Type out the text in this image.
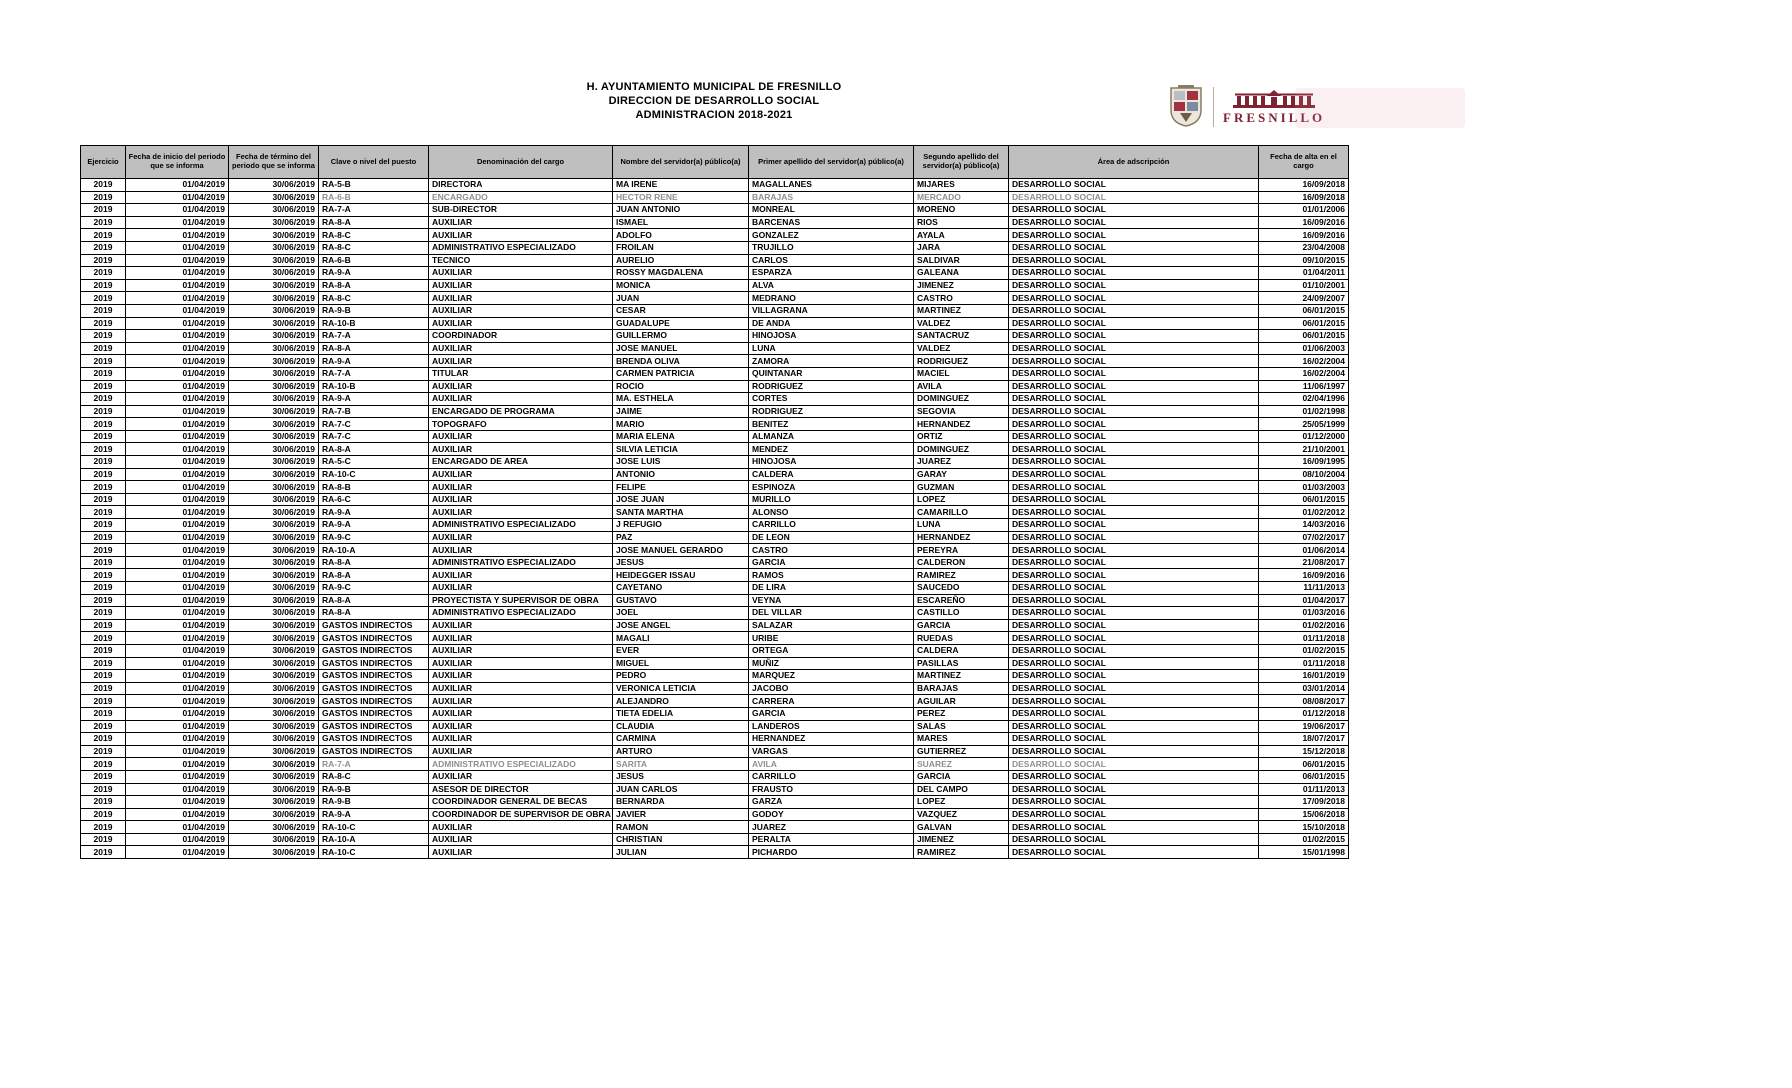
H. AYUNTAMIENTO MUNICIPAL DE FRESNILLO
DIRECCION DE DESARROLLO SOCIAL
ADMINISTRACION 2018-2021	FRESNILLO
Ejercicio	Fecha de inicio del periodo que se informa	Fecha de término del periodo que se informa	Clave o nivel del puesto	Denominación del cargo	Nombre del servidor(a) público(a)	Primer apellido del servidor(a) público(a)	Segundo apellido del servidor(a) público(a)	Área de adscripción	Fecha de alta en el cargo
2019	01/04/2019	30/06/2019	RA-5-B	DIRECTORA	MA IRENE	MAGALLANES	MIJARES	DESARROLLO SOCIAL	16/09/2018
2019	01/04/2019	30/06/2019	RA-6-B	ENCARGADO	HECTOR RENE	BARAJAS	MERCADO	DESARROLLO SOCIAL	16/09/2018
2019	01/04/2019	30/06/2019	RA-7-A	SUB-DIRECTOR	JUAN ANTONIO	MONREAL	MORENO	DESARROLLO SOCIAL	01/01/2006
2019	01/04/2019	30/06/2019	RA-8-A	AUXILIAR	ISMAEL	BARCENAS	RIOS	DESARROLLO SOCIAL	16/09/2016
2019	01/04/2019	30/06/2019	RA-8-C	AUXILIAR	ADOLFO	GONZALEZ	AYALA	DESARROLLO SOCIAL	16/09/2016
2019	01/04/2019	30/06/2019	RA-8-C	ADMINISTRATIVO ESPECIALIZADO	FROILAN	TRUJILLO	JARA	DESARROLLO SOCIAL	23/04/2008
2019	01/04/2019	30/06/2019	RA-6-B	TECNICO	AURELIO	CARLOS	SALDIVAR	DESARROLLO SOCIAL	09/10/2015
2019	01/04/2019	30/06/2019	RA-9-A	AUXILIAR	ROSSY MAGDALENA	ESPARZA	GALEANA	DESARROLLO SOCIAL	01/04/2011
2019	01/04/2019	30/06/2019	RA-8-A	AUXILIAR	MONICA	ALVA	JIMENEZ	DESARROLLO SOCIAL	01/10/2001
2019	01/04/2019	30/06/2019	RA-8-C	AUXILIAR	JUAN	MEDRANO	CASTRO	DESARROLLO SOCIAL	24/09/2007
2019	01/04/2019	30/06/2019	RA-9-B	AUXILIAR	CESAR	VILLAGRANA	MARTINEZ	DESARROLLO SOCIAL	06/01/2015
2019	01/04/2019	30/06/2019	RA-10-B	AUXILIAR	GUADALUPE	DE ANDA	VALDEZ	DESARROLLO SOCIAL	06/01/2015
2019	01/04/2019	30/06/2019	RA-7-A	COORDINADOR	GUILLERMO	HINOJOSA	SANTACRUZ	DESARROLLO SOCIAL	06/01/2015
2019	01/04/2019	30/06/2019	RA-8-A	AUXILIAR	JOSE MANUEL	LUNA	VALDEZ	DESARROLLO SOCIAL	01/06/2003
2019	01/04/2019	30/06/2019	RA-9-A	AUXILIAR	BRENDA OLIVA	ZAMORA	RODRIGUEZ	DESARROLLO SOCIAL	16/02/2004
2019	01/04/2019	30/06/2019	RA-7-A	TITULAR	CARMEN PATRICIA	QUINTANAR	MACIEL	DESARROLLO SOCIAL	16/02/2004
2019	01/04/2019	30/06/2019	RA-10-B	AUXILIAR	ROCIO	RODRIGUEZ	AVILA	DESARROLLO SOCIAL	11/06/1997
2019	01/04/2019	30/06/2019	RA-9-A	AUXILIAR	MA. ESTHELA	CORTES	DOMINGUEZ	DESARROLLO SOCIAL	02/04/1996
2019	01/04/2019	30/06/2019	RA-7-B	ENCARGADO DE PROGRAMA	JAIME	RODRIGUEZ	SEGOVIA	DESARROLLO SOCIAL	01/02/1998
2019	01/04/2019	30/06/2019	RA-7-C	TOPOGRAFO	MARIO	BENITEZ	HERNANDEZ	DESARROLLO SOCIAL	25/05/1999
2019	01/04/2019	30/06/2019	RA-7-C	AUXILIAR	MARIA ELENA	ALMANZA	ORTIZ	DESARROLLO SOCIAL	01/12/2000
2019	01/04/2019	30/06/2019	RA-8-A	AUXILIAR	SILVIA LETICIA	MENDEZ	DOMINGUEZ	DESARROLLO SOCIAL	21/10/2001
2019	01/04/2019	30/06/2019	RA-5-C	ENCARGADO DE AREA	JOSE LUIS	HINOJOSA	JUAREZ	DESARROLLO SOCIAL	16/09/1995
2019	01/04/2019	30/06/2019	RA-10-C	AUXILIAR	ANTONIO	CALDERA	GARAY	DESARROLLO SOCIAL	08/10/2004
2019	01/04/2019	30/06/2019	RA-8-B	AUXILIAR	FELIPE	ESPINOZA	GUZMAN	DESARROLLO SOCIAL	01/03/2003
2019	01/04/2019	30/06/2019	RA-6-C	AUXILIAR	JOSE JUAN	MURILLO	LOPEZ	DESARROLLO SOCIAL	06/01/2015
2019	01/04/2019	30/06/2019	RA-9-A	AUXILIAR	SANTA MARTHA	ALONSO	CAMARILLO	DESARROLLO SOCIAL	01/02/2012
2019	01/04/2019	30/06/2019	RA-9-A	ADMINISTRATIVO ESPECIALIZADO	J REFUGIO	CARRILLO	LUNA	DESARROLLO SOCIAL	14/03/2016
2019	01/04/2019	30/06/2019	RA-9-C	AUXILIAR	PAZ	DE LEON	HERNANDEZ	DESARROLLO SOCIAL	07/02/2017
2019	01/04/2019	30/06/2019	RA-10-A	AUXILIAR	JOSE MANUEL GERARDO	CASTRO	PEREYRA	DESARROLLO SOCIAL	01/06/2014
2019	01/04/2019	30/06/2019	RA-8-A	ADMINISTRATIVO ESPECIALIZADO	JESUS	GARCIA	CALDERON	DESARROLLO SOCIAL	21/08/2017
2019	01/04/2019	30/06/2019	RA-8-A	AUXILIAR	HEIDEGGER ISSAU	RAMOS	RAMIREZ	DESARROLLO SOCIAL	16/09/2016
2019	01/04/2019	30/06/2019	RA-9-C	AUXILIAR	CAYETANO	DE LIRA	SAUCEDO	DESARROLLO SOCIAL	11/11/2013
2019	01/04/2019	30/06/2019	RA-8-A	PROYECTISTA Y SUPERVISOR DE OBRA	GUSTAVO	VEYNA	ESCAREÑO	DESARROLLO SOCIAL	01/04/2017
2019	01/04/2019	30/06/2019	RA-8-A	ADMINISTRATIVO ESPECIALIZADO	JOEL	DEL VILLAR	CASTILLO	DESARROLLO SOCIAL	01/03/2016
2019	01/04/2019	30/06/2019	GASTOS INDIRECTOS	AUXILIAR	JOSE ANGEL	SALAZAR	GARCIA	DESARROLLO SOCIAL	01/02/2016
2019	01/04/2019	30/06/2019	GASTOS INDIRECTOS	AUXILIAR	MAGALI	URIBE	RUEDAS	DESARROLLO SOCIAL	01/11/2018
2019	01/04/2019	30/06/2019	GASTOS INDIRECTOS	AUXILIAR	EVER	ORTEGA	CALDERA	DESARROLLO SOCIAL	01/02/2015
2019	01/04/2019	30/06/2019	GASTOS INDIRECTOS	AUXILIAR	MIGUEL	MUÑIZ	PASILLAS	DESARROLLO SOCIAL	01/11/2018
2019	01/04/2019	30/06/2019	GASTOS INDIRECTOS	AUXILIAR	PEDRO	MARQUEZ	MARTINEZ	DESARROLLO SOCIAL	16/01/2019
2019	01/04/2019	30/06/2019	GASTOS INDIRECTOS	AUXILIAR	VERONICA LETICIA	JACOBO	BARAJAS	DESARROLLO SOCIAL	03/01/2014
2019	01/04/2019	30/06/2019	GASTOS INDIRECTOS	AUXILIAR	ALEJANDRO	CARRERA	AGUILAR	DESARROLLO SOCIAL	08/08/2017
2019	01/04/2019	30/06/2019	GASTOS INDIRECTOS	AUXILIAR	TIETA EDELIA	GARCIA	PEREZ	DESARROLLO SOCIAL	01/12/2018
2019	01/04/2019	30/06/2019	GASTOS INDIRECTOS	AUXILIAR	CLAUDIA	LANDEROS	SALAS	DESARROLLO SOCIAL	19/06/2017
2019	01/04/2019	30/06/2019	GASTOS INDIRECTOS	AUXILIAR	CARMINA	HERNANDEZ	MARES	DESARROLLO SOCIAL	18/07/2017
2019	01/04/2019	30/06/2019	GASTOS INDIRECTOS	AUXILIAR	ARTURO	VARGAS	GUTIERREZ	DESARROLLO SOCIAL	15/12/2018
2019	01/04/2019	30/06/2019	RA-7-A	ADMINISTRATIVO ESPECIALIZADO	SARITA	AVILA	SUAREZ	DESARROLLO SOCIAL	06/01/2015
2019	01/04/2019	30/06/2019	RA-8-C	AUXILIAR	JESUS	CARRILLO	GARCIA	DESARROLLO SOCIAL	06/01/2015
2019	01/04/2019	30/06/2019	RA-9-B	ASESOR DE DIRECTOR	JUAN CARLOS	FRAUSTO	DEL CAMPO	DESARROLLO SOCIAL	01/11/2013
2019	01/04/2019	30/06/2019	RA-9-B	COORDINADOR GENERAL DE BECAS	BERNARDA	GARZA	LOPEZ	DESARROLLO SOCIAL	17/09/2018
2019	01/04/2019	30/06/2019	RA-9-A	COORDINADOR DE SUPERVISOR DE OBRA	JAVIER	GODOY	VAZQUEZ	DESARROLLO SOCIAL	15/06/2018
2019	01/04/2019	30/06/2019	RA-10-C	AUXILIAR	RAMON	JUAREZ	GALVAN	DESARROLLO SOCIAL	15/10/2018
2019	01/04/2019	30/06/2019	RA-10-A	AUXILIAR	CHRISTIAN	PERALTA	JIMENEZ	DESARROLLO SOCIAL	01/02/2015
2019	01/04/2019	30/06/2019	RA-10-C	AUXILIAR	JULIAN	PICHARDO	RAMIREZ	DESARROLLO SOCIAL	15/01/1998
